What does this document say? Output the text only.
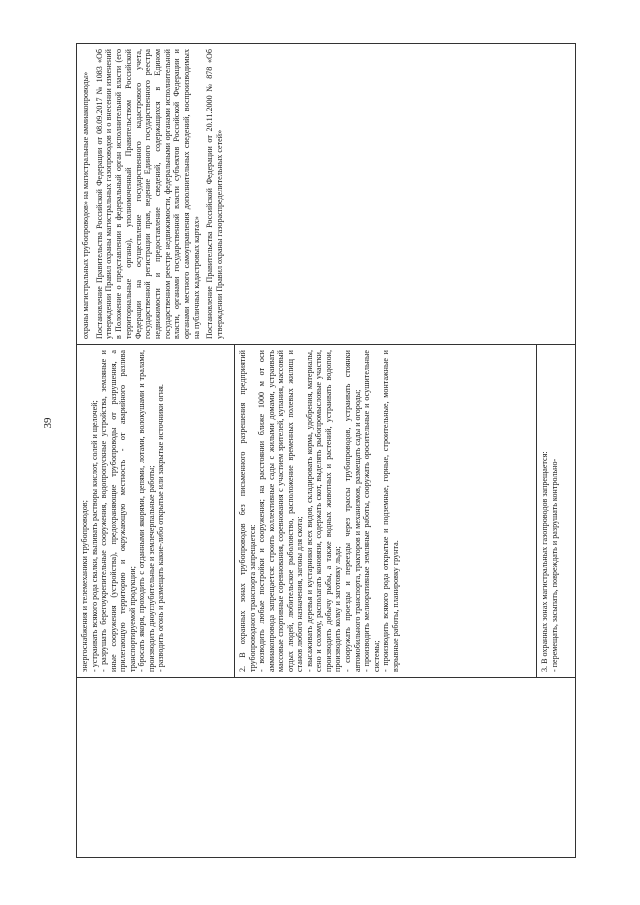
39
энергоснабжения и телемеханики трубопроводов; - устраивать всякого рода свалки, выливать растворы кислот, солей и щелочей; - разрушать берегоукрепительные сооружения, водопропускные устройства, земляные и иные сооружения (устройства), предохраняющие трубопроводы от разрушения, а прилегающую территорию и окружающую местность - от аварийного разлива транспортируемой продукции; - бросать якоря, проходить с отданными якорями, цепями, лотами, волокушами и тралами, производить дноуглубительные и землечерпальные работы; - разводить огонь и размещать какие-либо открытые или закрытые источники огня.	2. В охранных зонах трубопроводов без письменного разрешения предприятий трубопроводного транспорта запрещается: - возводить любые постройки и сооружения; на расстоянии ближе 1000 м от оси аммиакопровода запрещается: строить коллективные сады с жилыми домами, устраивать массовые спортивные соревнования, соревнования с участием зрителей, купания, массовый отдых людей, любительское рыболовство, расположение временных полевых жилищ и станов любого назначения, загоны для скота; - высаживать деревья и кустарники всех видов, складировать корма, удобрения, материалы, сено и солому, располагать коновязи, содержать скот, выделять рыбопромысловые участки, производить добычу рыбы, а также водных животных и растений, устраивать водопои, производить колку и заготовку льда; - сооружать проезды и переезды через трассы трубопроводов, устраивать стоянки автомобильного транспорта, тракторов и механизмов, размещать сады и огороды; - производить мелиоративные земляные работы, сооружать оросительные и осушительные системы; - производить всякого рода открытые и подземные, горные, строительные, монтажные и взрывные работы, планировку грунта.	3. В охранных зонах магистральных газопроводов запрещается: - перемещать, засыпать, повреждать и разрушать контрольно-
охраны магистральных трубопроводов» на магистральные аммиакопроводы» Постановление Правительства Российской Федерации от 08.09.2017 № 1083 «Об утверждении Правил охраны магистральных газопроводов и о внесении изменений в Положение о представлении в федеральный орган исполнительной власти (его территориальные органы), уполномоченный Правительством Российской Федерации на осуществление государственного кадастрового учета, государственной регистрации прав, ведение Единого государственного реестра недвижимости и предоставление сведений, содержащихся в Едином государственном реестре недвижимости, федеральными органами исполнительной власти, органами государственной власти субъектов Российской Федерации и органами местного самоуправления дополнительных сведений, воспроизводимых на публичных кадастровых картах» Постановление Правительства Российской Федерации от 20.11.2000 № 878 «Об утверждении Правил охраны газораспределительных сетей»
